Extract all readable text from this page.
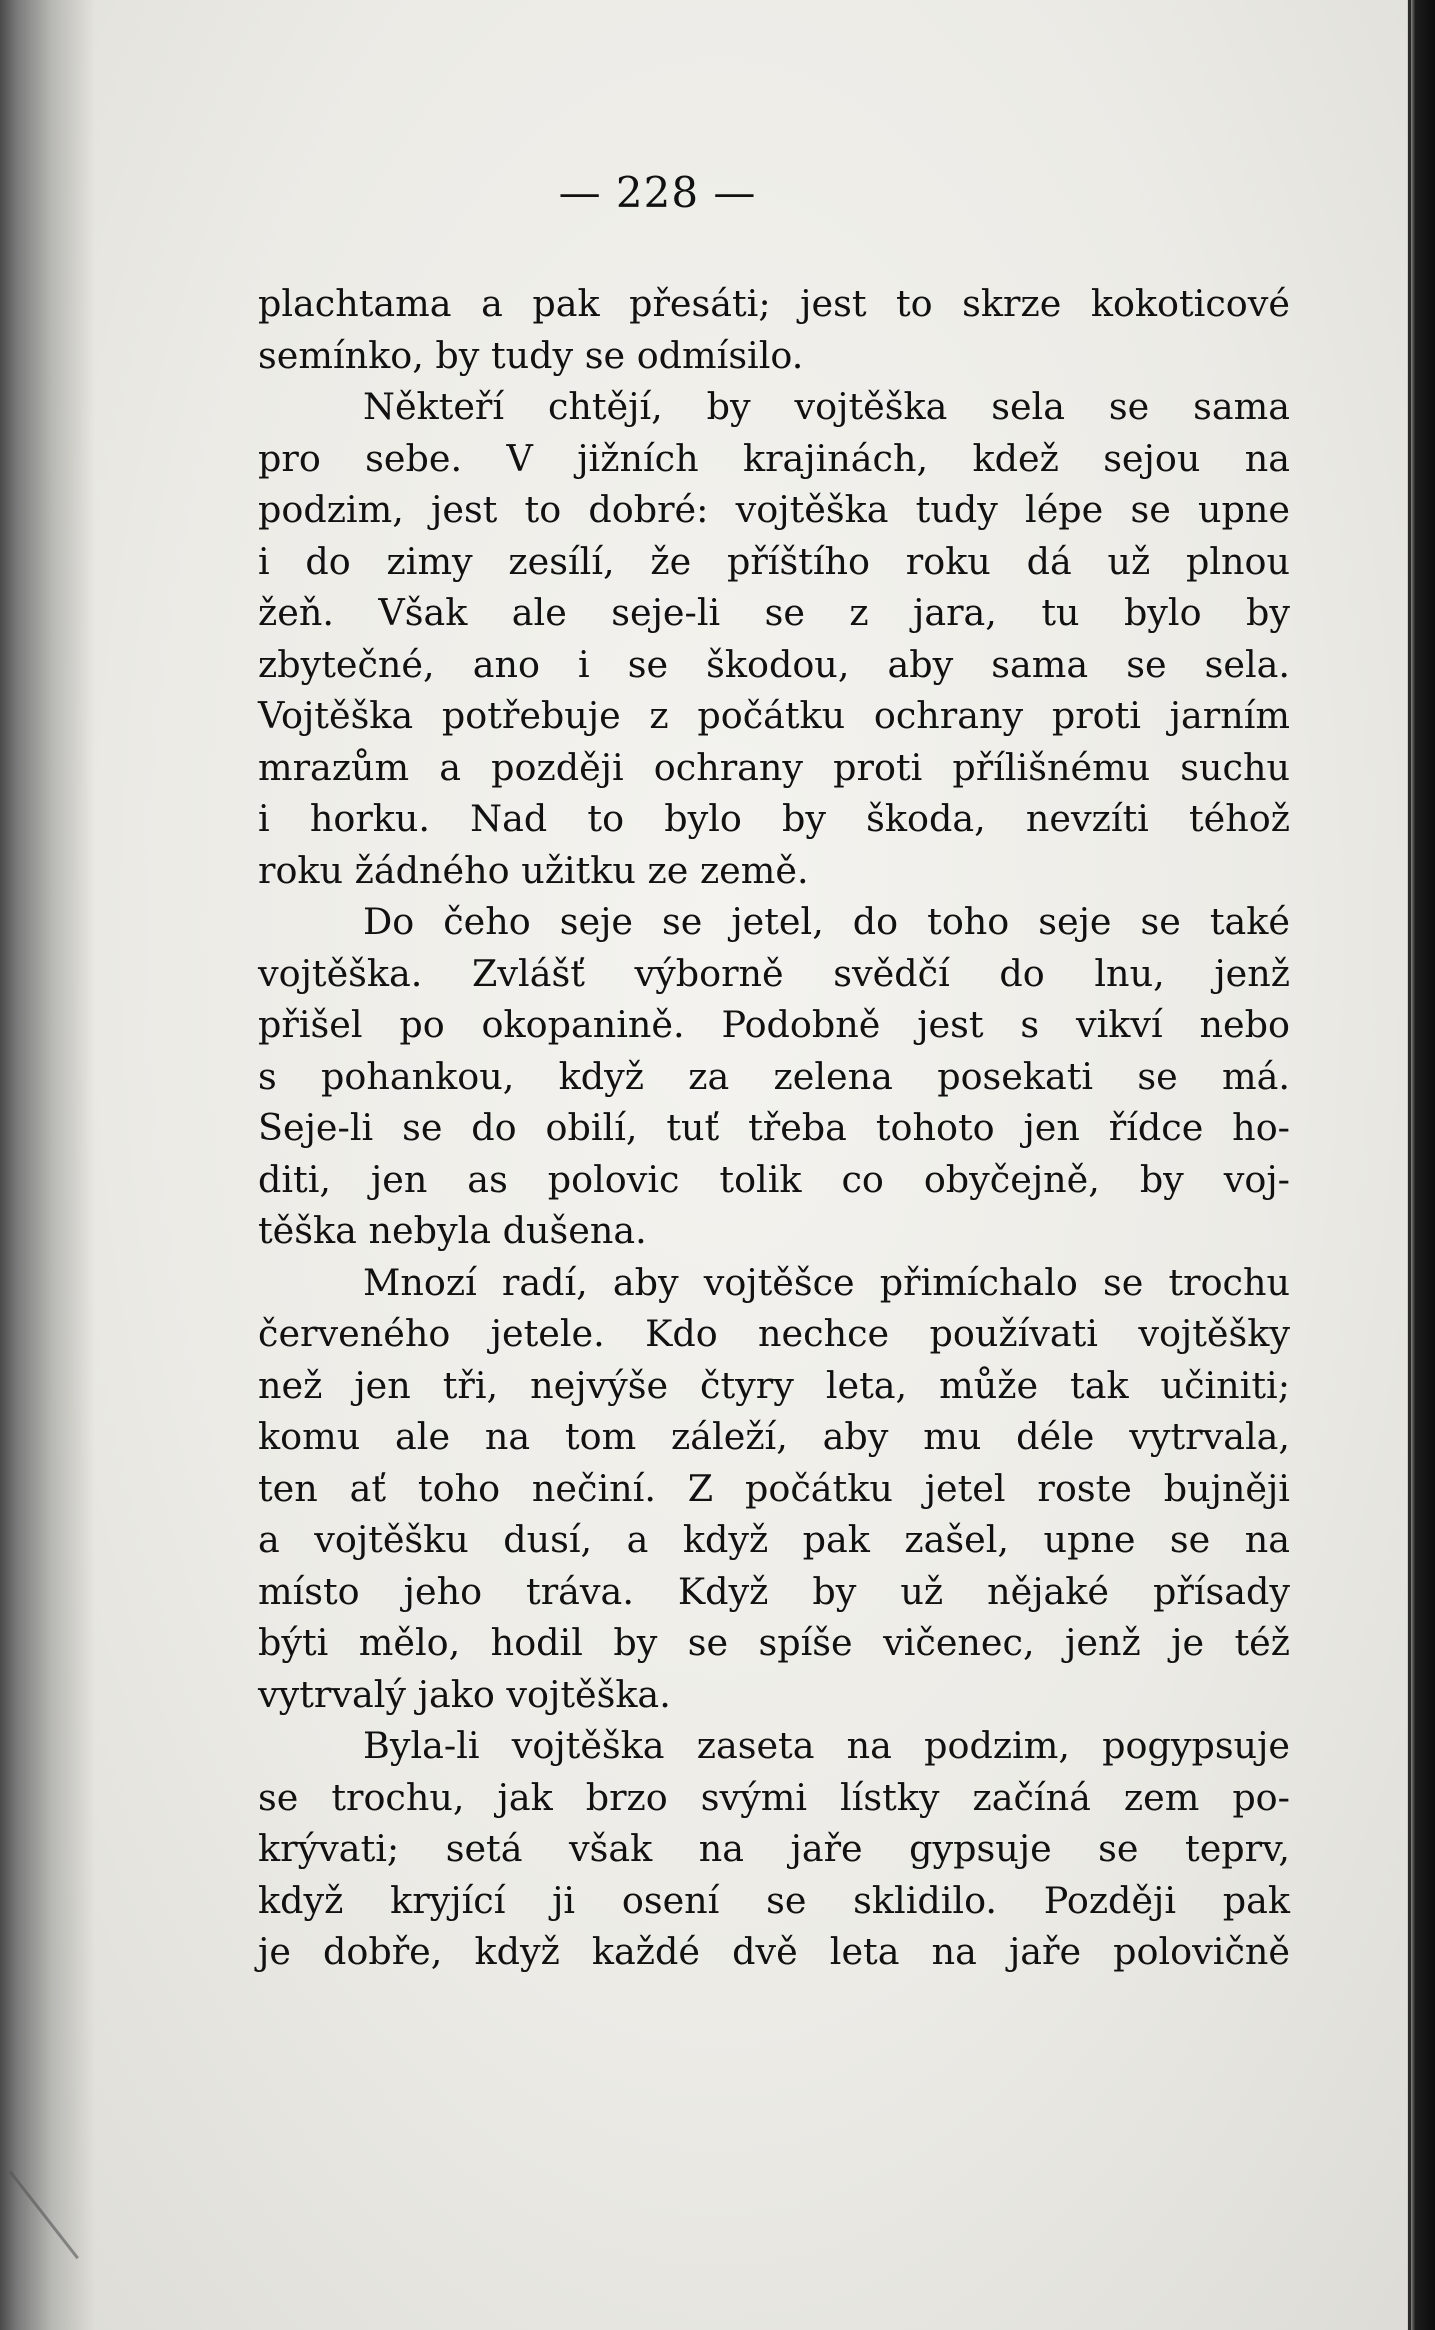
— 228 —
plachtama a pak přesáti; jest to skrze kokoticové
semínko, by tudy se odmísilo.
Někteří chtějí, by vojtěška sela se sama
pro sebe. V jižních krajinách, kdež sejou na
podzim, jest to dobré: vojtěška tudy lépe se upne
i do zimy zesílí, že příštího roku dá už plnou
žeň. Však ale seje-li se z jara, tu bylo by
zbytečné, ano i se škodou, aby sama se sela.
Vojtěška potřebuje z počátku ochrany proti jarním
mrazům a později ochrany proti přílišnému suchu
i horku. Nad to bylo by škoda, nevzíti téhož
roku žádného užitku ze země.
Do čeho seje se jetel, do toho seje se také
vojtěška. Zvlášť výborně svědčí do lnu, jenž
přišel po okopanině. Podobně jest s vikví nebo
s pohankou, když za zelena posekati se má.
Seje-li se do obilí, tuť třeba tohoto jen řídce ho-
diti, jen as polovic tolik co obyčejně, by voj-
těška nebyla dušena.
Mnozí radí, aby vojtěšce přimíchalo se trochu
červeného jetele. Kdo nechce používati vojtěšky
než jen tři, nejvýše čtyry leta, může tak učiniti;
komu ale na tom záleží, aby mu déle vytrvala,
ten ať toho nečiní. Z počátku jetel roste bujněji
a vojtěšku dusí, a když pak zašel, upne se na
místo jeho tráva. Když by už nějaké přísady
býti mělo, hodil by se spíše vičenec, jenž je též
vytrvalý jako vojtěška.
Byla-li vojtěška zaseta na podzim, pogypsuje
se trochu, jak brzo svými lístky začíná zem po-
krývati; setá však na jaře gypsuje se teprv,
když kryjící ji osení se sklidilo. Později pak
je dobře, když každé dvě leta na jaře polovičně
